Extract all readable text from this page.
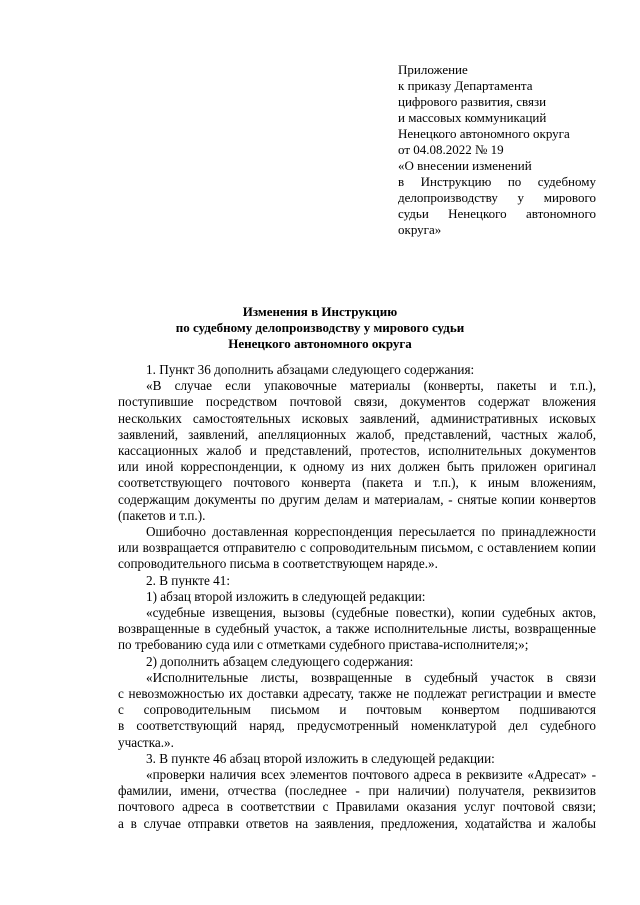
Приложение
к приказу Департамента
цифрового развития, связи
и массовых коммуникаций
Ненецкого автономного округа
от 04.08.2022 № 19
«О внесении изменений
в Инструкцию по судебному
делопроизводству у мирового
судьи Ненецкого автономного
округа»
Изменения в Инструкцию
по судебному делопроизводству у мирового судьи
Ненецкого автономного округа
1. Пункт 36 дополнить абзацами следующего содержания:
«В случае если упаковочные материалы (конверты, пакеты и т.п.),
поступившие посредством почтовой связи, документов содержат вложения
нескольких самостоятельных исковых заявлений, административных исковых
заявлений, заявлений, апелляционных жалоб, представлений, частных жалоб,
кассационных жалоб и представлений, протестов, исполнительных документов
или иной корреспонденции, к одному из них должен быть приложен оригинал
соответствующего почтового конверта (пакета и т.п.), к иным вложениям,
содержащим документы по другим делам и материалам, - снятые копии конвертов
(пакетов и т.п.).
Ошибочно доставленная корреспонденция пересылается по принадлежности
или возвращается отправителю с сопроводительным письмом, с оставлением копии
сопроводительного письма в соответствующем наряде.».
2. В пункте 41:
1) абзац второй изложить в следующей редакции:
«судебные извещения, вызовы (судебные повестки), копии судебных актов,
возвращенные в судебный участок, а также исполнительные листы, возвращенные
по требованию суда или с отметками судебного пристава-исполнителя;»;
2) дополнить абзацем следующего содержания:
«Исполнительные листы, возвращенные в судебный участок в связи
с невозможностью их доставки адресату, также не подлежат регистрации и вместе
с сопроводительным письмом и почтовым конвертом подшиваются
в соответствующий наряд, предусмотренный номенклатурой дел судебного
участка.».
3. В пункте 46 абзац второй изложить в следующей редакции:
«проверки наличия всех элементов почтового адреса в реквизите «Адресат» -
фамилии, имени, отчества (последнее - при наличии) получателя, реквизитов
почтового адреса в соответствии с Правилами оказания услуг почтовой связи;
а в случае отправки ответов на заявления, предложения, ходатайства и жалобы
